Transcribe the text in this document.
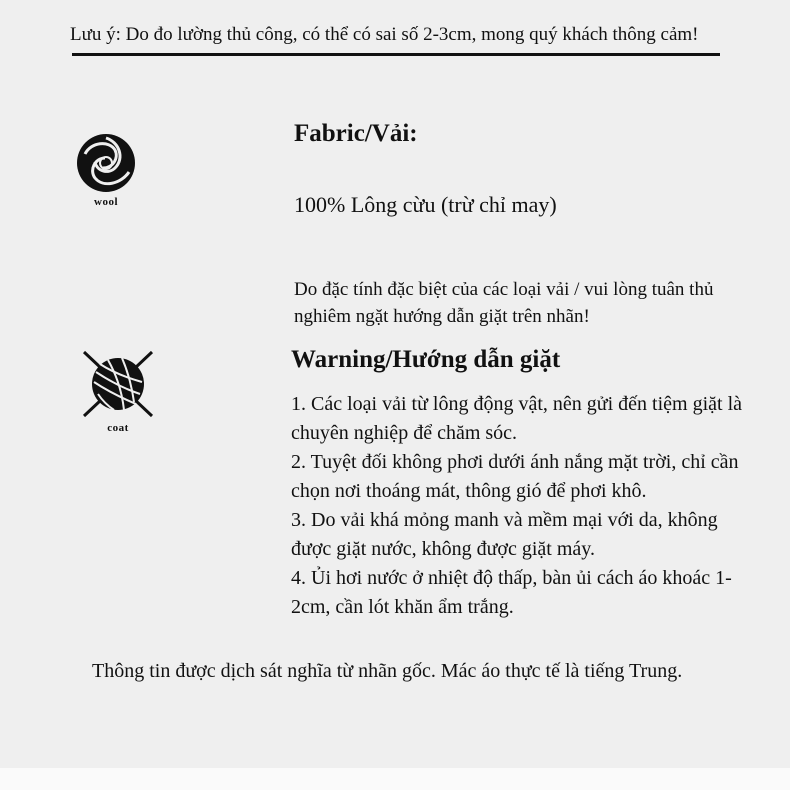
Lưu ý: Do đo lường thủ công, có thể có sai số 2-3cm, mong quý khách thông cảm!
wool
Fabric/Vải:
100% Lông cừu (trừ chỉ may)
Do đặc tính đặc biệt của các loại vải / vui lòng tuân thủ nghiêm ngặt hướng dẫn giặt trên nhãn!
coat
Warning/Hướng dẫn giặt
1. Các loại vải từ lông động vật, nên gửi đến tiệm giặt là chuyên nghiệp để chăm sóc.
2. Tuyệt đối không phơi dưới ánh nắng mặt trời, chỉ cần chọn nơi thoáng mát, thông gió để phơi khô.
3. Do vải khá mỏng manh và mềm mại với da, không được giặt nước, không được giặt máy.
4. Ủi hơi nước ở nhiệt độ thấp, bàn ủi cách áo khoác 1-2cm, cần lót khăn ẩm trắng.
Thông tin được dịch sát nghĩa từ nhãn gốc. Mác áo thực tế là tiếng Trung.
